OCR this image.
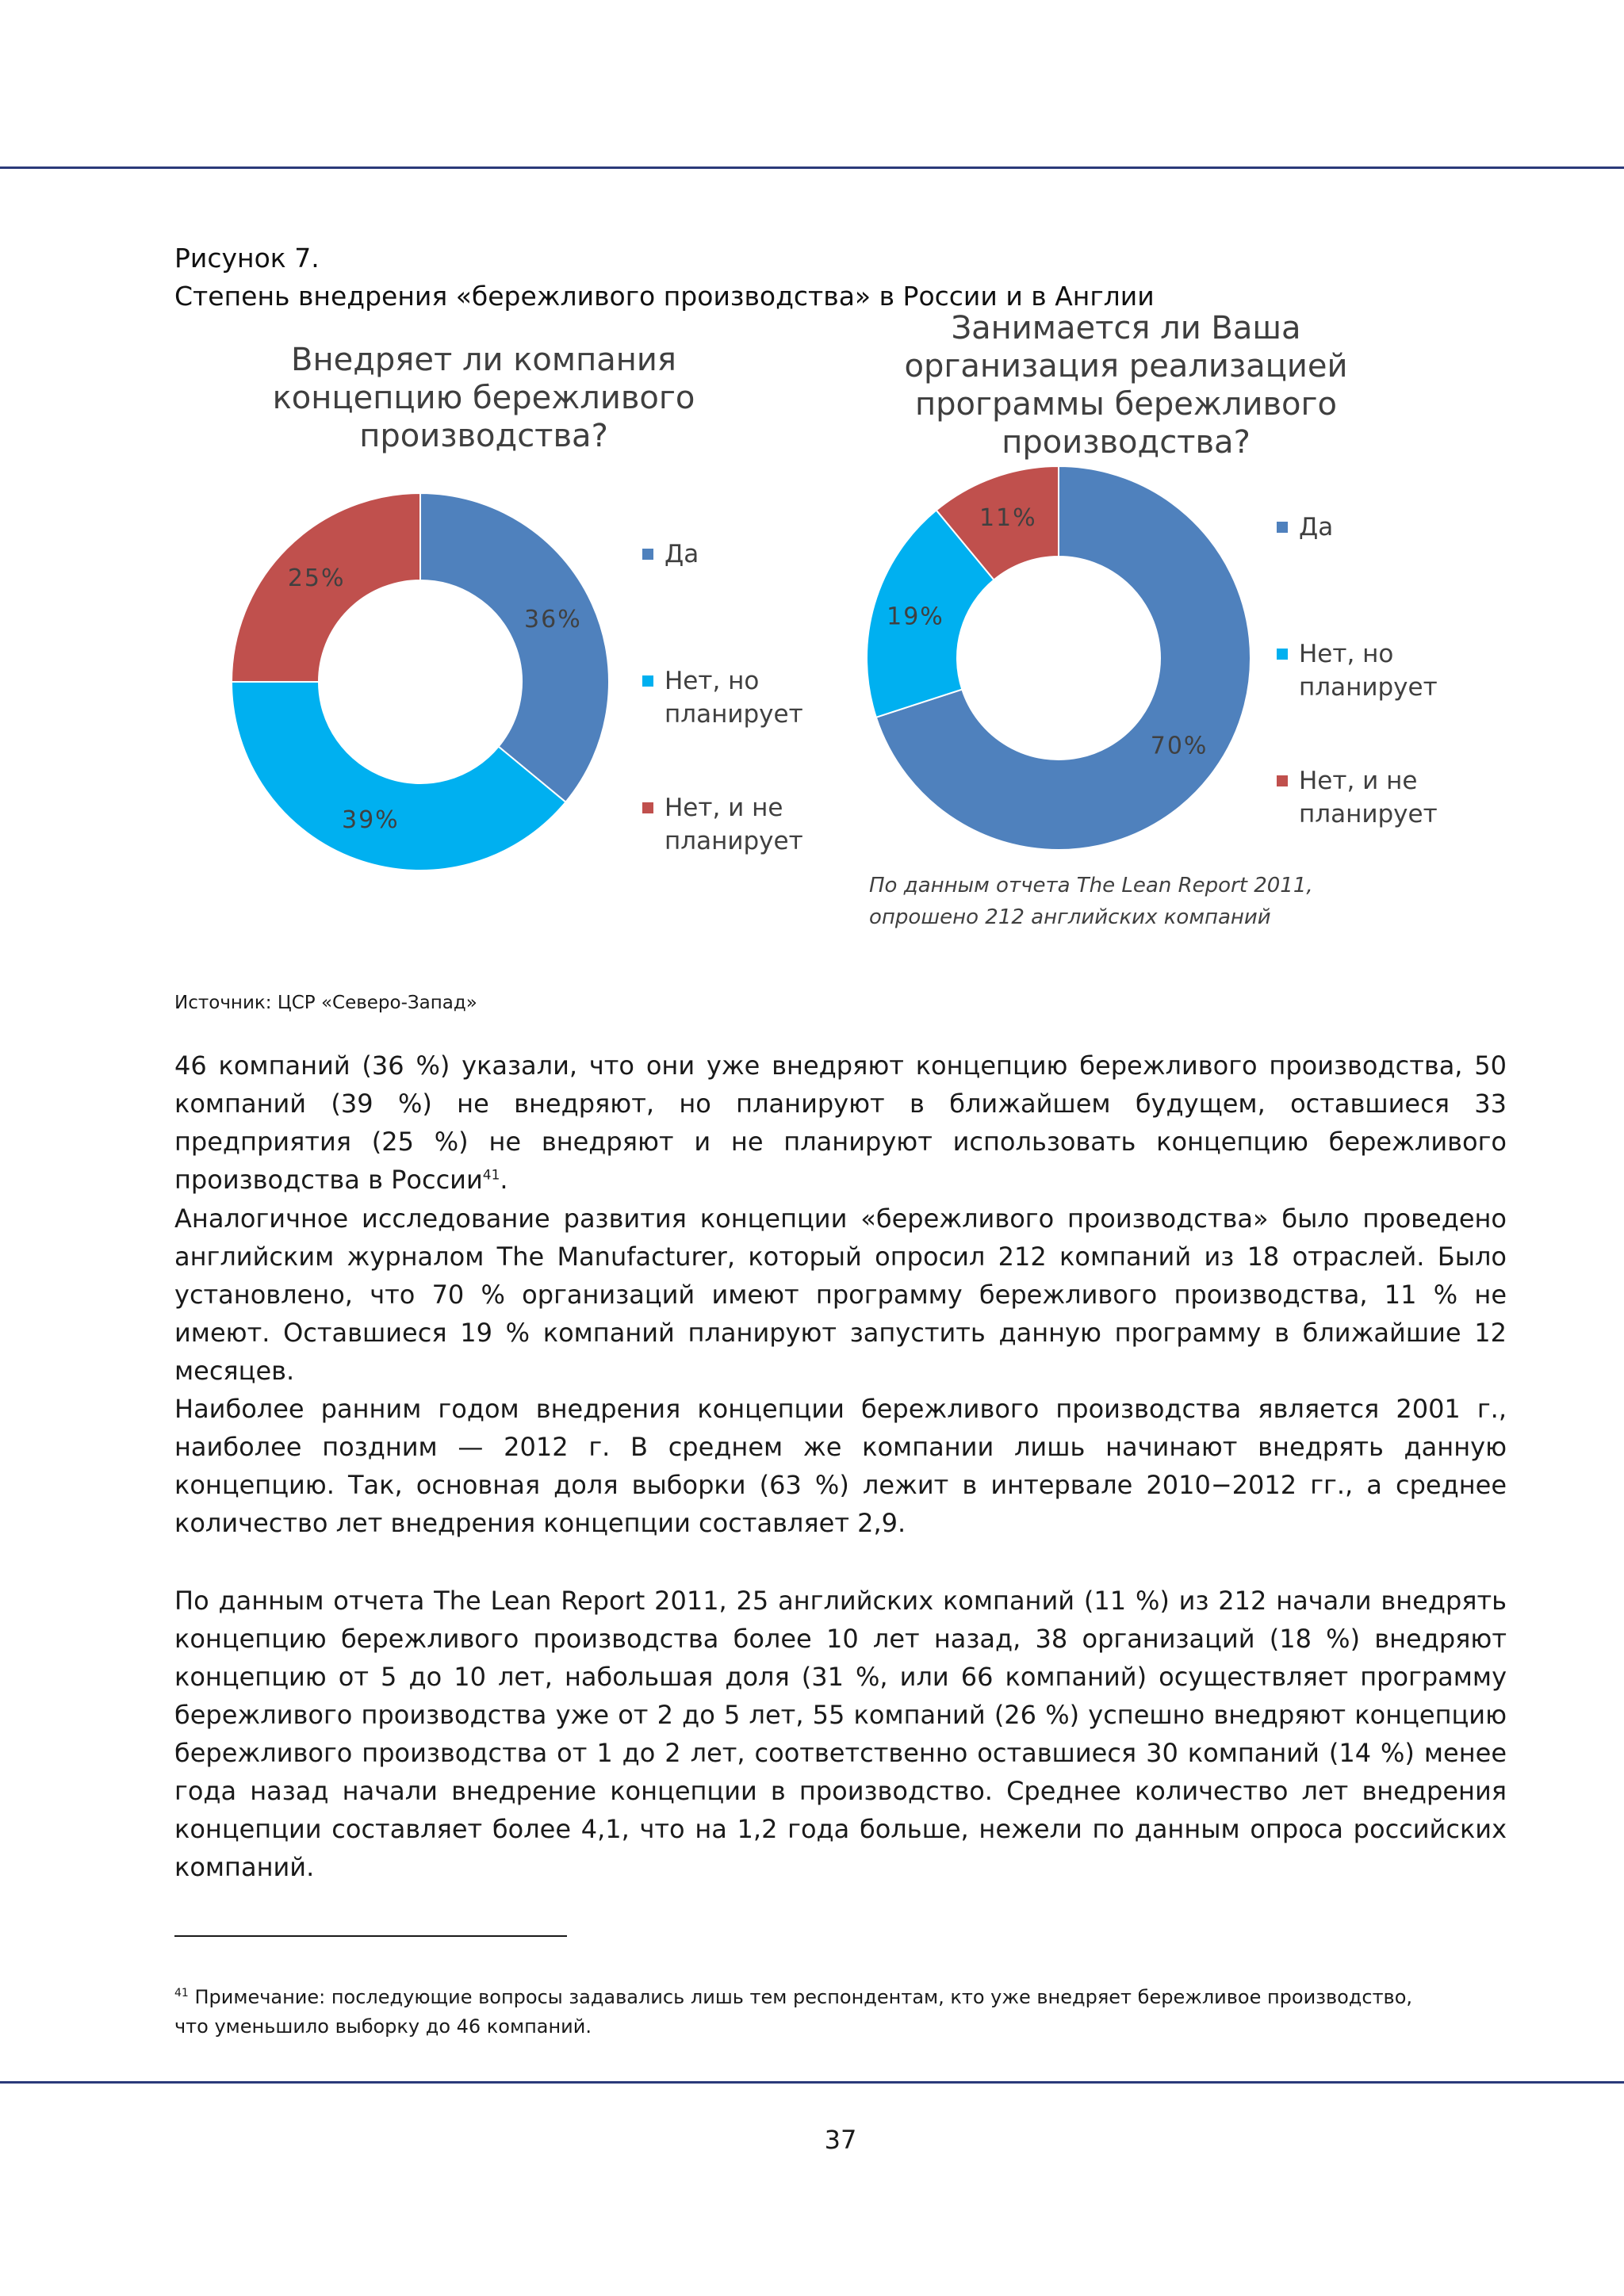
Рисунок 7.
Степень внедрения «бережливого производства» в России и в Англии
Внедряет ли компания концепцию бережливого производства?
36%
39%
25%
Да
Нет, но
планирует
Нет, и не
планирует
Занимается ли Ваша организация реализацией программы бережливого производства?
70%
19%
11%	Да
Нет, но
планирует
Нет, и не
планирует
По данным отчета The Lean Report 2011,
опрошено 212 английских компаний
Источник: ЦСР «Северо-Запад»
46 компаний (36 %) указали, что они уже внедряют концепцию бережливого производства, 50 компаний (39 %) не внедряют, но планируют в ближайшем будущем, оставшиеся 33 предприятия (25 %) не внедряют и не планируют использовать концепцию бережливого производства в России$^{41}$.
Аналогичное исследование развития концепции «бережливого производства» было проведено английским журналом The Manufacturer, который опросил 212 компаний из 18 отраслей. Было установлено, что 70 % организаций имеют программу бережливого производства, 11 % не имеют. Оставшиеся 19 % компаний планируют запустить данную программу в ближайшие 12 месяцев.
Наиболее ранним годом внедрения концепции бережливого производства является 2001 г., наиболее поздним — 2012 г. В среднем же компании лишь начинают внедрять данную концепцию. Так, основная доля выборки (63 %) лежит в интервале 2010−2012 гг., а среднее количество лет внедрения концепции составляет 2,9.
По данным отчета The Lean Report 2011, 25 английских компаний (11 %) из 212 начали внедрять концепцию бережливого производства более 10 лет назад, 38 организаций (18 %) внедряют концепцию от 5 до 10 лет, набольшая доля (31 %, или 66 компаний) осуществляет программу бережливого производства уже от 2 до 5 лет, 55 компаний (26 %) успешно внедряют концепцию бережливого производства от 1 до 2 лет, соответственно оставшиеся 30 компаний (14 %) менее года назад начали внедрение концепции в производство. Среднее количество лет внедрения концепции составляет более 4,1, что на 1,2 года больше, нежели по данным опроса российских компаний.
$^{41}$ Примечание: последующие вопросы задавались лишь тем респондентам, кто уже внедряет бережливое производство, что уменьшило выборку до 46 компаний.
37
